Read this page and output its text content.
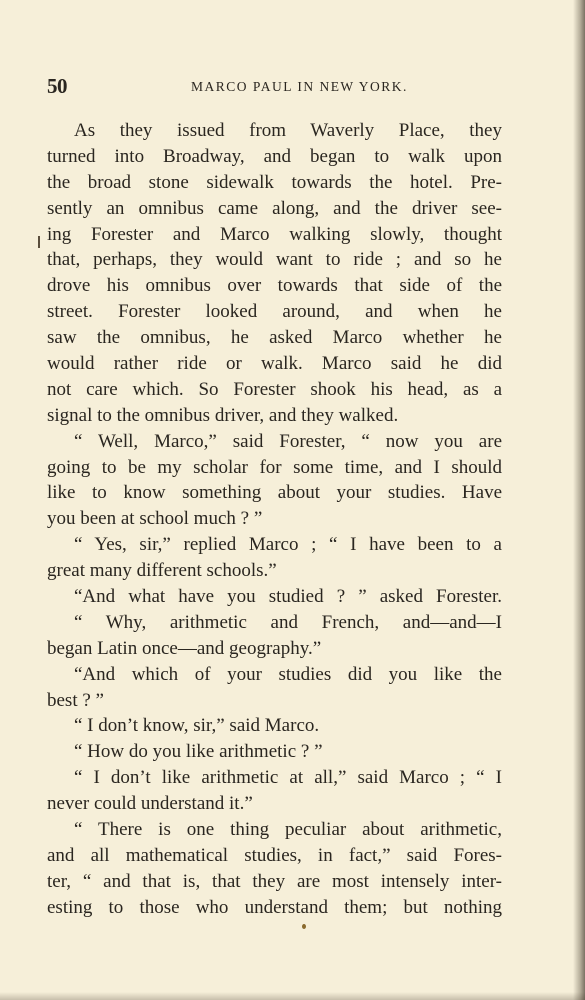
50	MARCO PAUL IN NEW YORK.
As they issued from Waverly Place, they
turned into Broadway, and began to walk upon
the broad stone sidewalk towards the hotel. Pre-
sently an omnibus came along, and the driver see-
ing Forester and Marco walking slowly, thought
that, perhaps, they would want to ride ; and so he
drove his omnibus over towards that side of the
street. Forester looked around, and when he
saw the omnibus, he asked Marco whether he
would rather ride or walk. Marco said he did
not care which. So Forester shook his head, as a
signal to the omnibus driver, and they walked.
“ Well, Marco,” said Forester, “ now you are
going to be my scholar for some time, and I should
like to know something about your studies. Have
you been at school much ? ”
“ Yes, sir,” replied Marco ; “ I have been to a
great many different schools.”
“And what have you studied ? ” asked Forester.
“ Why, arithmetic and French, and—and—I
began Latin once—and geography.”
“And which of your studies did you like the
best ? ”
“ I don’t know, sir,” said Marco.
“ How do you like arithmetic ? ”
“ I don’t like arithmetic at all,” said Marco ; “ I
never could understand it.”
“ There is one thing peculiar about arithmetic,
and all mathematical studies, in fact,” said Fores-
ter, “ and that is, that they are most intensely inter-
esting to those who understand them; but nothing
